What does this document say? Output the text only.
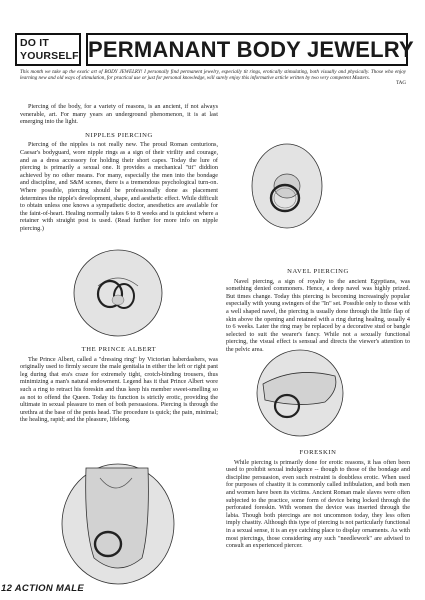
DO IT
YOURSELF PERMANANT BODY JEWELRY
This month we take up the exotic art of BODY JEWELRY! I personally find permanent jewelry, especially tit rings, erotically stimulating, both visually and physically. Those who enjoy learning new and old ways of stimulation, for practical use or just for personal knowledge, will surely enjoy this informative article written by two very competent Masters.
TAG

Piercing of the body, for a variety of reasons, is an ancient, if not always venerable, art. For many years an underground phenomenon, it is at last emerging into the light.

NIPPLES PIERCING

Piercing of the nipples is not really new. The proud Roman centurions, Caesar's bodyguard, wore nipple rings as a sign of their virility and courage, and as a dress accessory for holding their short capes. Today the lure of piercing is primarily a sexual one. It provides a mechanical "tit" diddion achieved by no other means. For many, especially the men into the bondage and discipline, and S&M scenes, there is a tremendous psychological turn-on. Where possible, piercing should be professionally done as placement determines the nipple's development, shape, and aesthetic effect. While difficult to obtain unless one knows a sympathetic doctor, anesthetics are available for the faint-of-heart. Healing normally takes 6 to 8 weeks and is quickest where a retainer with straight post is used. (Read further for more info on nipple piercing.)

THE PRINCE ALBERT

The Prince Albert, called a "dressing ring" by Victorian haberdashers, was originally used to firmly secure the male genitalia in either the left or right pant leg during that era's craze for extremely tight, crotch-binding trousers, thus minimizing a man's natural endowment. Legend has it that Prince Albert wore such a ring to retract his foreskin and thus keep his member sweet-smelling so as not to offend the Queen. Today its function is strictly erotic, providing the ultimate in sexual pleasure to men of both persuasions. Piercing is through the urethra at the base of the penis head. The procedure is quick; the pain, minimal; the healing, rapid; and the pleasure, lifelong.

NAVEL PIERCING

Navel piercing, a sign of royalty to the ancient Egyptians, was something denied commoners. Hence, a deep navel was highly prized. But times change. Today this piercing is becoming increasingly popular especially with young swingers of the "In" set. Possible only to those with a well shaped navel, the piercing is usually done through the little flap of skin above the opening and retained with a ring during healing, usually 4 to 6 weeks. Later the ring may be replaced by a decorative stud or bangle selected to suit the wearer's fancy. While not a sexually functional piercing, the visual effect is sensual and directs the viewer's attention to the pelvic area.

FORESKIN

While piercing is primarily done for erotic reasons, it has often been used to prohibit sexual indulgence -- though to those of the bondage and discipline persuasion, even such restraint is doubtless erotic. When used for purposes of chastity it is commonly called infibulation, and both men and women have been its victims. Ancient Roman male slaves were often subjected to the practice, some form of device being locked through the perforated foreskin. With women the device was inserted through the labia. Though both piercings are not uncommon today, they less often imply chastity. Although this type of piercing is not particularly functional in a sexual sense, it is an eye catching place to display ornaments. As with most piercings, those considering any such "needlework" are advised to consult an experienced piercer.

12 ACTION MALE
